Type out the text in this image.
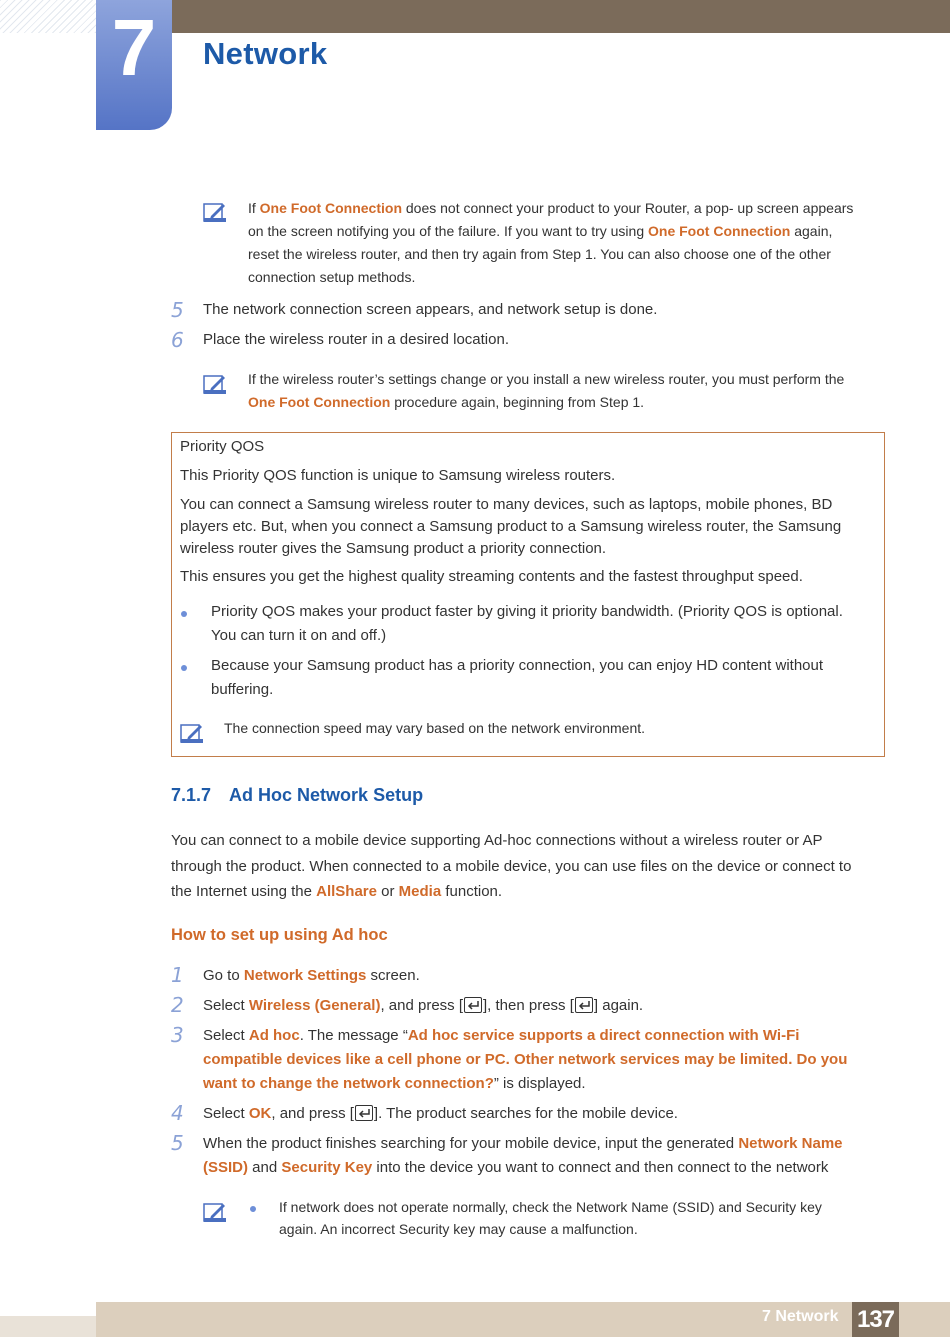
7	Network
If One Foot Connection does not connect your product to your Router, a pop- up screen appears
on the screen notifying you of the failure. If you want to try using One Foot Connection again,
reset the wireless router, and then try again from Step 1. You can also choose one of the other
connection setup methods.
5 The network connection screen appears, and network setup is done.
6 Place the wireless router in a desired location.
If the wireless router’s settings change or you install a new wireless router, you must perform the
One Foot Connection procedure again, beginning from Step 1.
Priority QOS
This Priority QOS function is unique to Samsung wireless routers.
You can connect a Samsung wireless router to many devices, such as laptops, mobile phones, BD
players etc. But, when you connect a Samsung product to a Samsung wireless router, the Samsung
wireless router gives the Samsung product a priority connection.
This ensures you get the highest quality streaming contents and the fastest throughput speed.
Priority QOS makes your product faster by giving it priority bandwidth. (Priority QOS is optional.
You can turn it on and off.)
Because your Samsung product has a priority connection, you can enjoy HD content without
buffering.
The connection speed may vary based on the network environment.
7.1.7 Ad Hoc Network Setup
You can connect to a mobile device supporting Ad-hoc connections without a wireless router or AP
through the product. When connected to a mobile device, you can use files on the device or connect to
the Internet using the AllShare or Media function.
How to set up using Ad hoc
1 Go to Network Settings screen.
2 Select Wireless (General), and press [ ], then press [ ] again.
3 Select Ad hoc. The message “Ad hoc service supports a direct connection with Wi-Fi
compatible devices like a cell phone or PC. Other network services may be limited. Do you
want to change the network connection?” is displayed.
4 Select OK, and press [ ]. The product searches for the mobile device.
5 When the product finishes searching for your mobile device, input the generated Network Name
(SSID) and Security Key into the device you want to connect and then connect to the network
If network does not operate normally, check the Network Name (SSID) and Security key
again. An incorrect Security key may cause a malfunction.
7 Network 137
